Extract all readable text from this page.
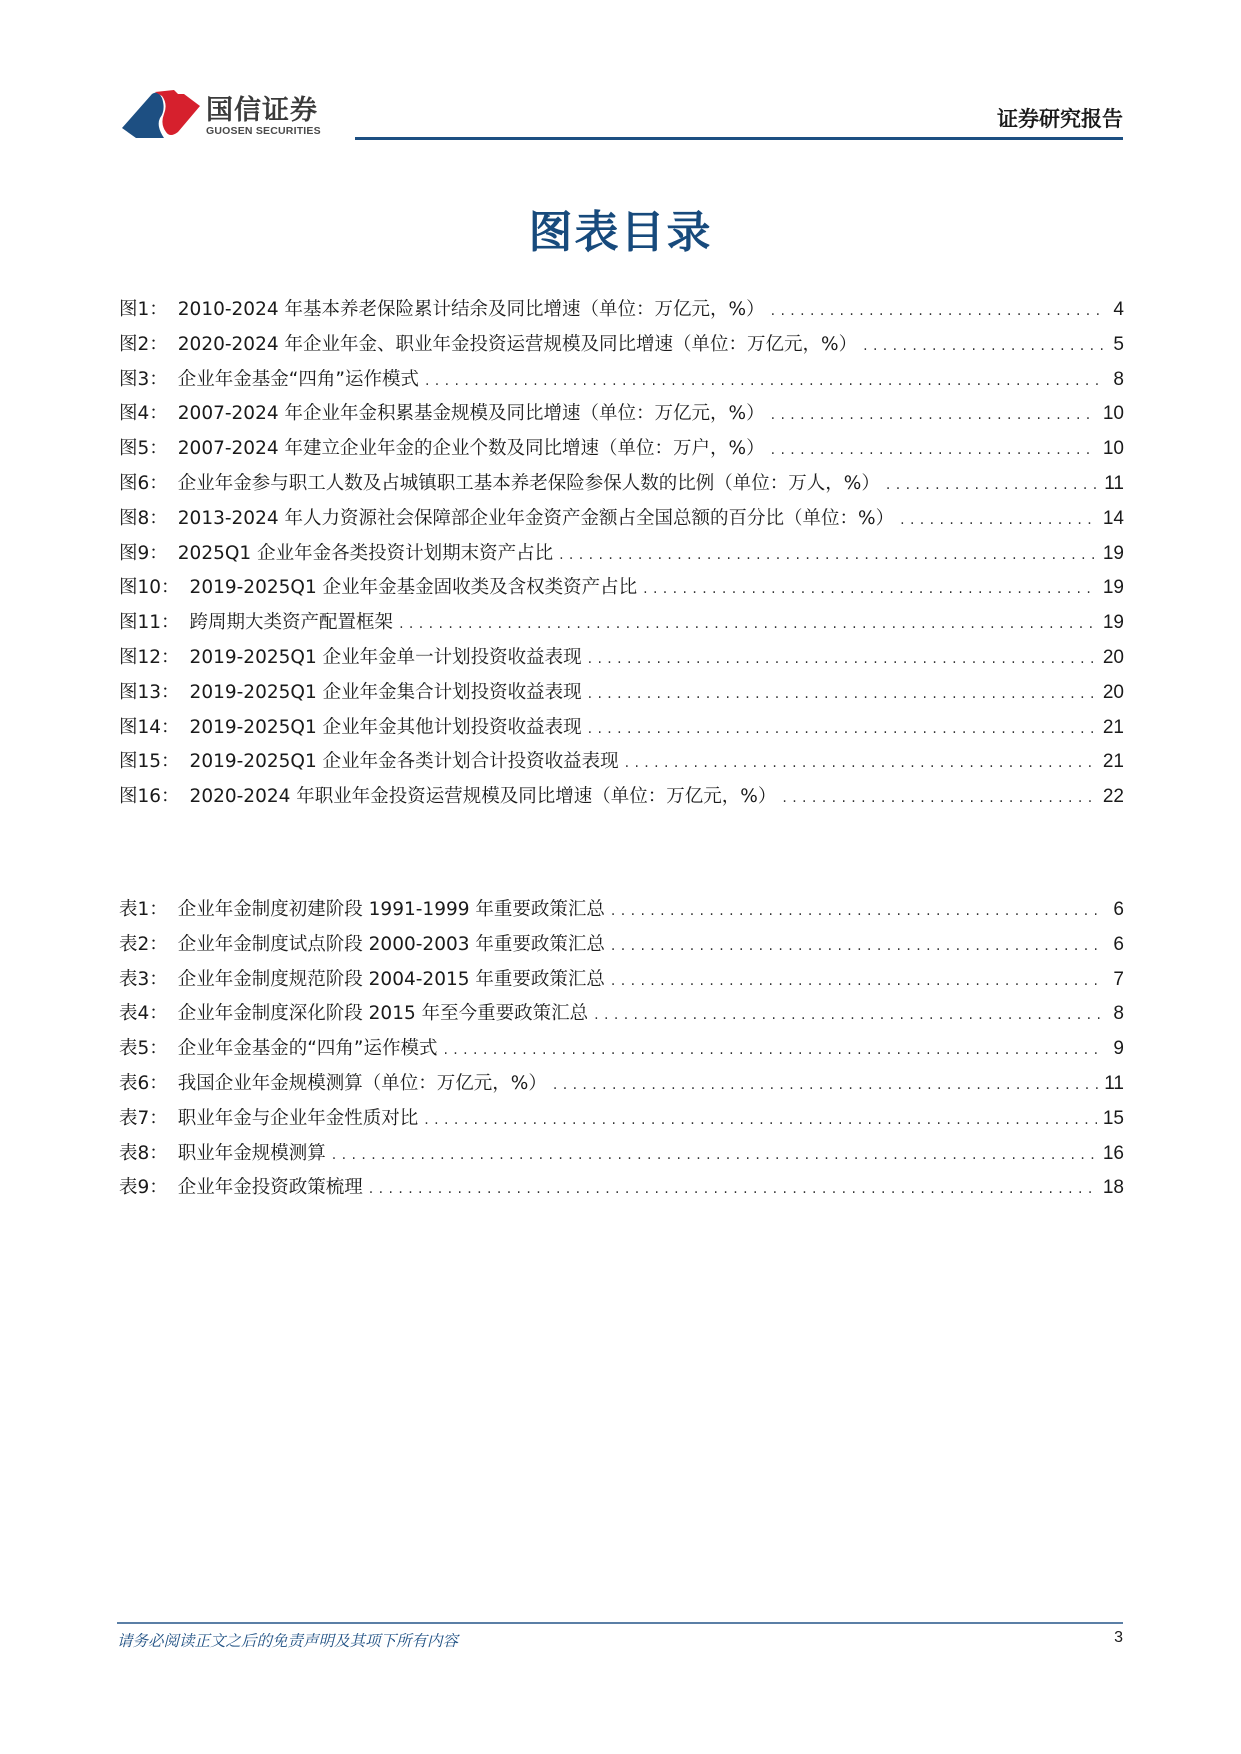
国信证券
GUOSEN SECURITIES	证券研究报告
图表目录
图1： 2010-2024 年基本养老保险累计结余及同比增速（单位：万亿元，%） .....	4
图2： 2020-2024 年企业年金、职业年金投资运营规模及同比增速（单位：万亿元，%） .....	5
图3： 企业年金基金“四角”运作模式 .....	8
图4： 2007-2024 年企业年金积累基金规模及同比增速（单位：万亿元，%） .....	10
图5： 2007-2024 年建立企业年金的企业个数及同比增速（单位：万户，%） .....	10
图6： 企业年金参与职工人数及占城镇职工基本养老保险参保人数的比例（单位：万人，%） .....	11
图8： 2013-2024 年人力资源社会保障部企业年金资产金额占全国总额的百分比（单位：%） .....	14
图9： 2025Q1 企业年金各类投资计划期末资产占比 .....	19
图10： 2019-2025Q1 企业年金基金固收类及含权类资产占比 .....	19
图11： 跨周期大类资产配置框架 .....	19
图12： 2019-2025Q1 企业年金单一计划投资收益表现 .....	20
图13： 2019-2025Q1 企业年金集合计划投资收益表现 .....	20
图14： 2019-2025Q1 企业年金其他计划投资收益表现 .....	21
图15： 2019-2025Q1 企业年金各类计划合计投资收益表现 .....	21
图16： 2020-2024 年职业年金投资运营规模及同比增速（单位：万亿元，%） .....	22
表1： 企业年金制度初建阶段 1991-1999 年重要政策汇总 .....	6
表2： 企业年金制度试点阶段 2000-2003 年重要政策汇总 .....	6
表3： 企业年金制度规范阶段 2004-2015 年重要政策汇总 .....	7
表4： 企业年金制度深化阶段 2015 年至今重要政策汇总 .....	8
表5： 企业年金基金的“四角”运作模式 .....	9
表6： 我国企业年金规模测算（单位：万亿元，%） .....	11
表7： 职业年金与企业年金性质对比 .....	15
表8： 职业年金规模测算 .....	16
表9： 企业年金投资政策梳理 .....	18
请务必阅读正文之后的免责声明及其项下所有内容	3
